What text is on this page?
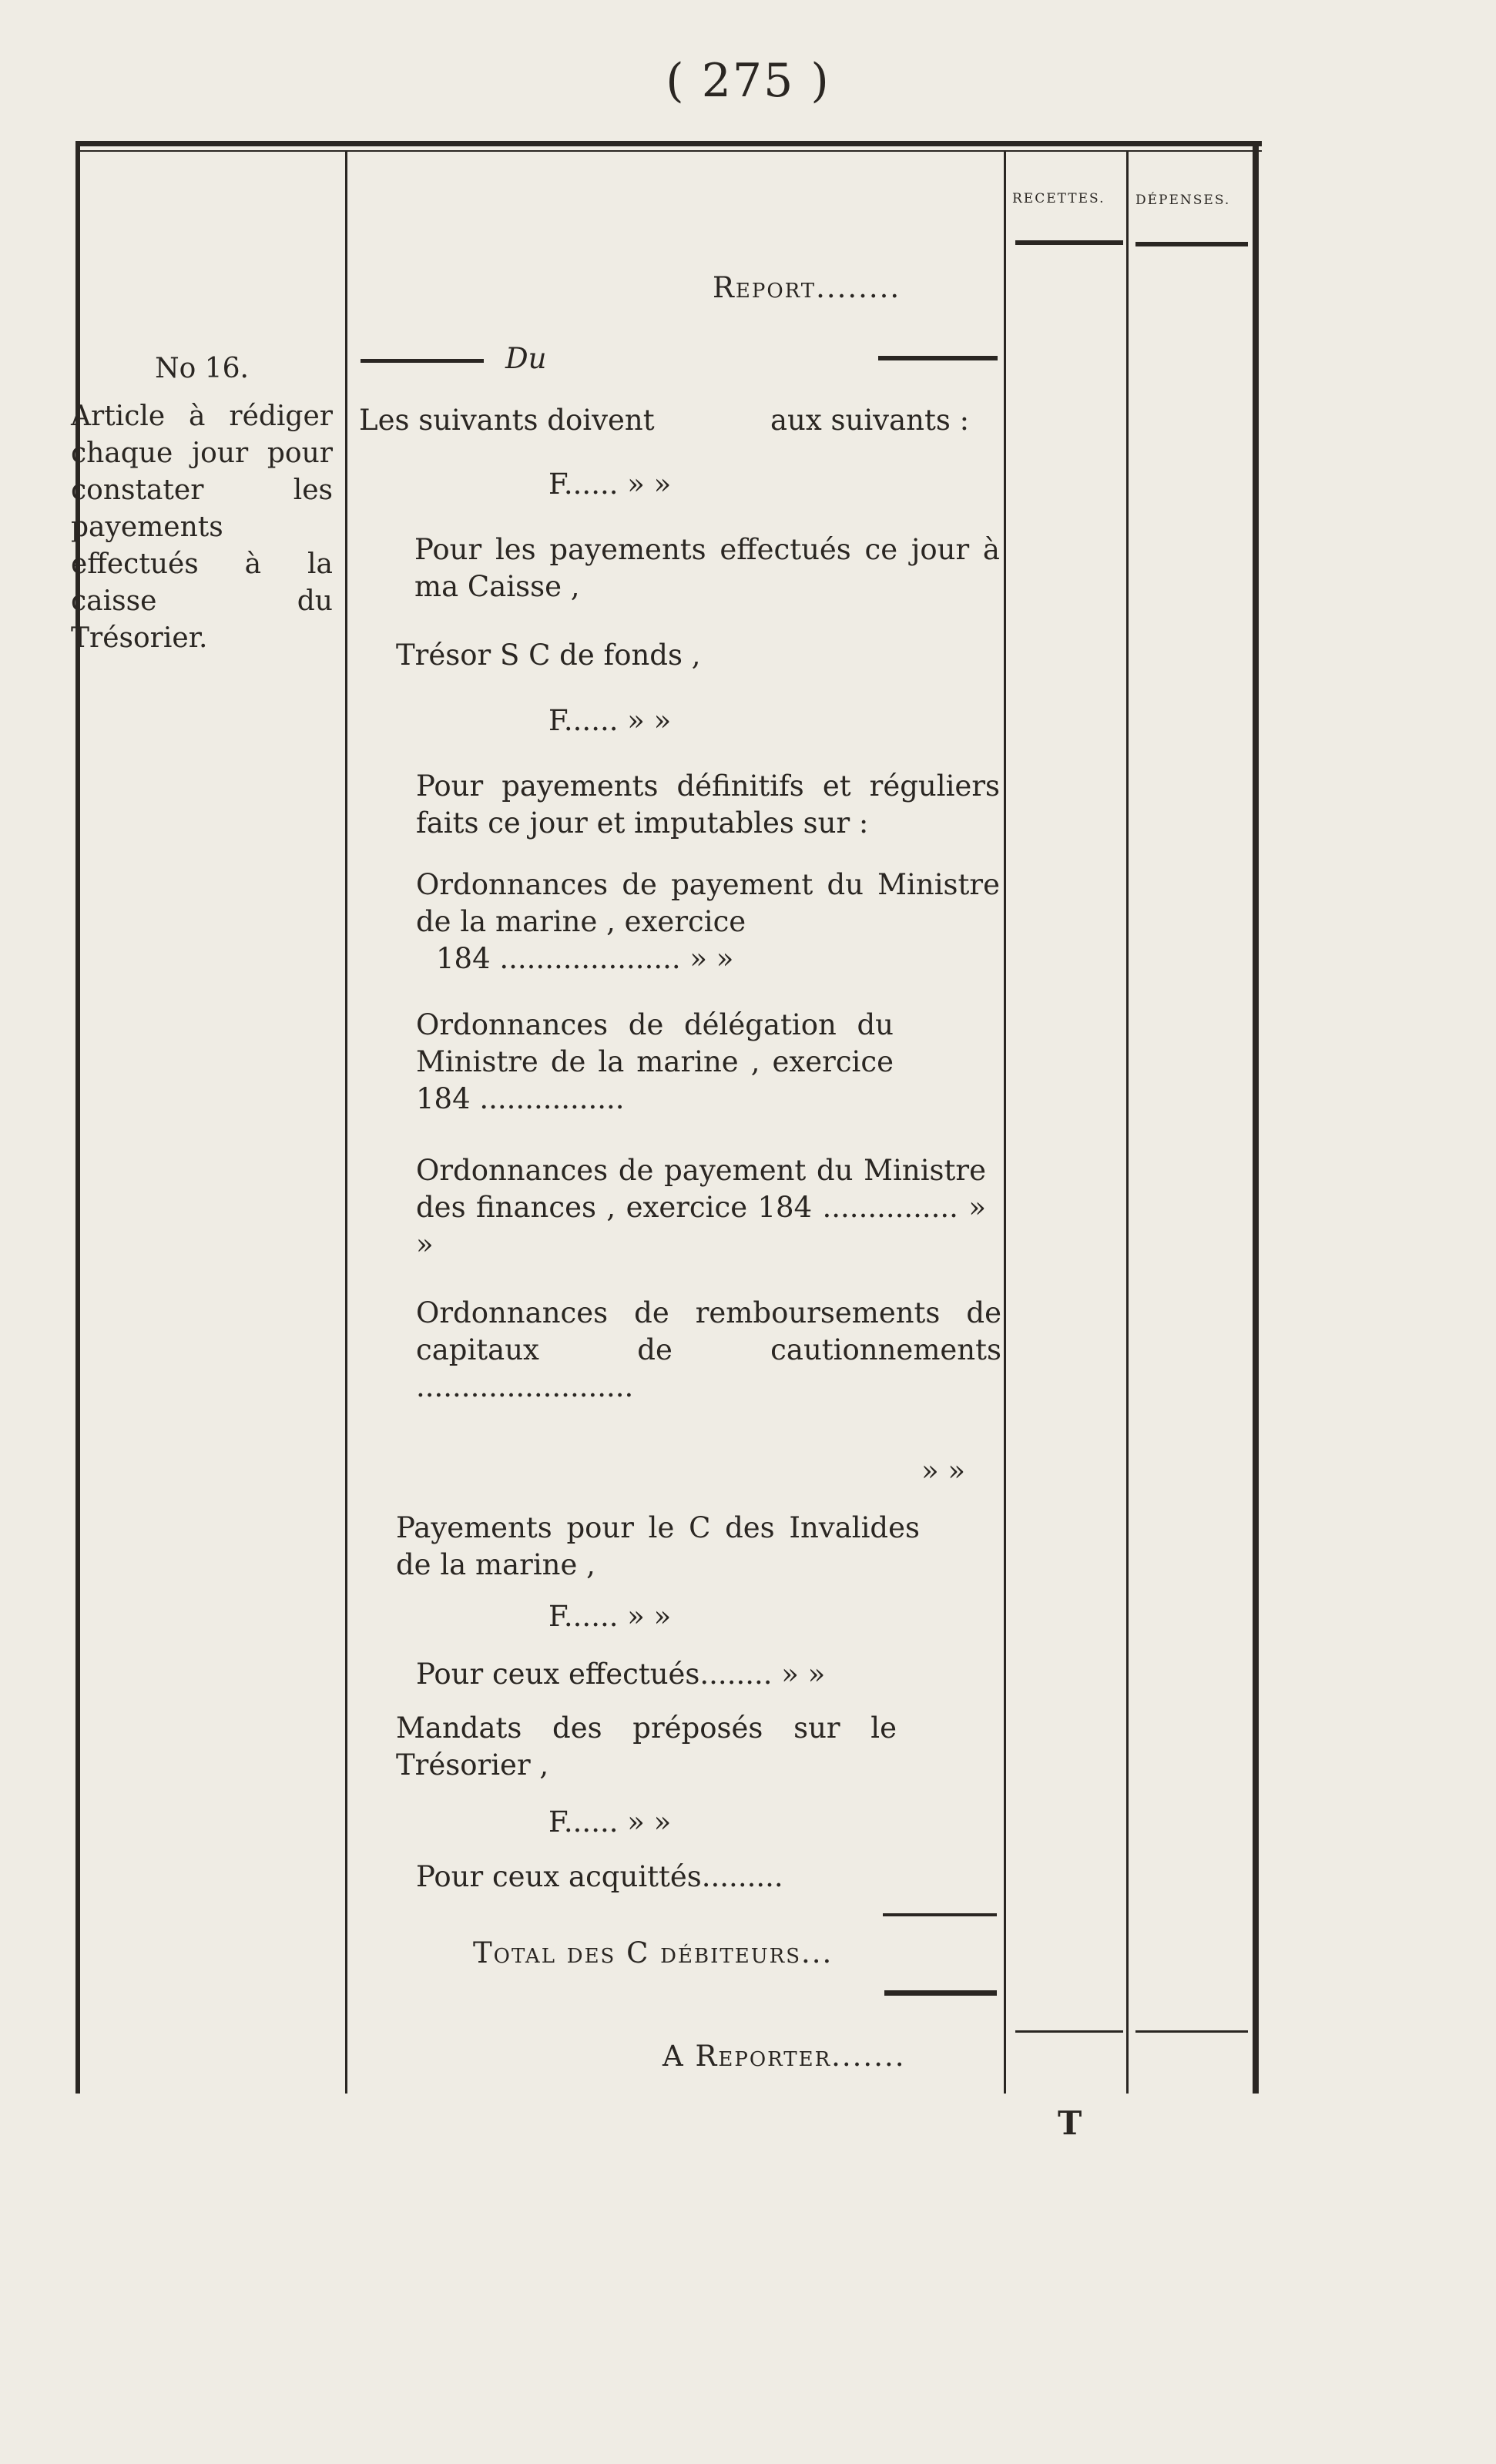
( 275 )
RECETTES. DÉPENSES.
No 16.
Article à rédiger chaque jour pour constater les payements effectués à la caisse du Trésorier.
Report........
Du
Les suivants doivent	aux suivants :
F...... » »
Pour les payements effectués ce jour à ma Caisse ,
Trésor S C de fonds ,
F...... » »
Pour payements définitifs et réguliers faits ce jour et imputables sur :
Ordonnances de payement du Ministre de la marine , exercice
184 .................... » »
Ordonnances de délégation du Ministre de la marine , exercice 184 ................
Ordonnances de payement du Ministre des finances , exercice 184 ............... » »
Ordonnances de remboursements de capitaux de cautionnements ........................
» »
Payements pour le C des Invalides de la marine ,
F...... » »
Pour ceux effectués........ » »
Mandats des préposés sur le Trésorier ,
F...... » »
Pour ceux acquittés.........
Total des C débiteurs...
A Reporter.......
T
